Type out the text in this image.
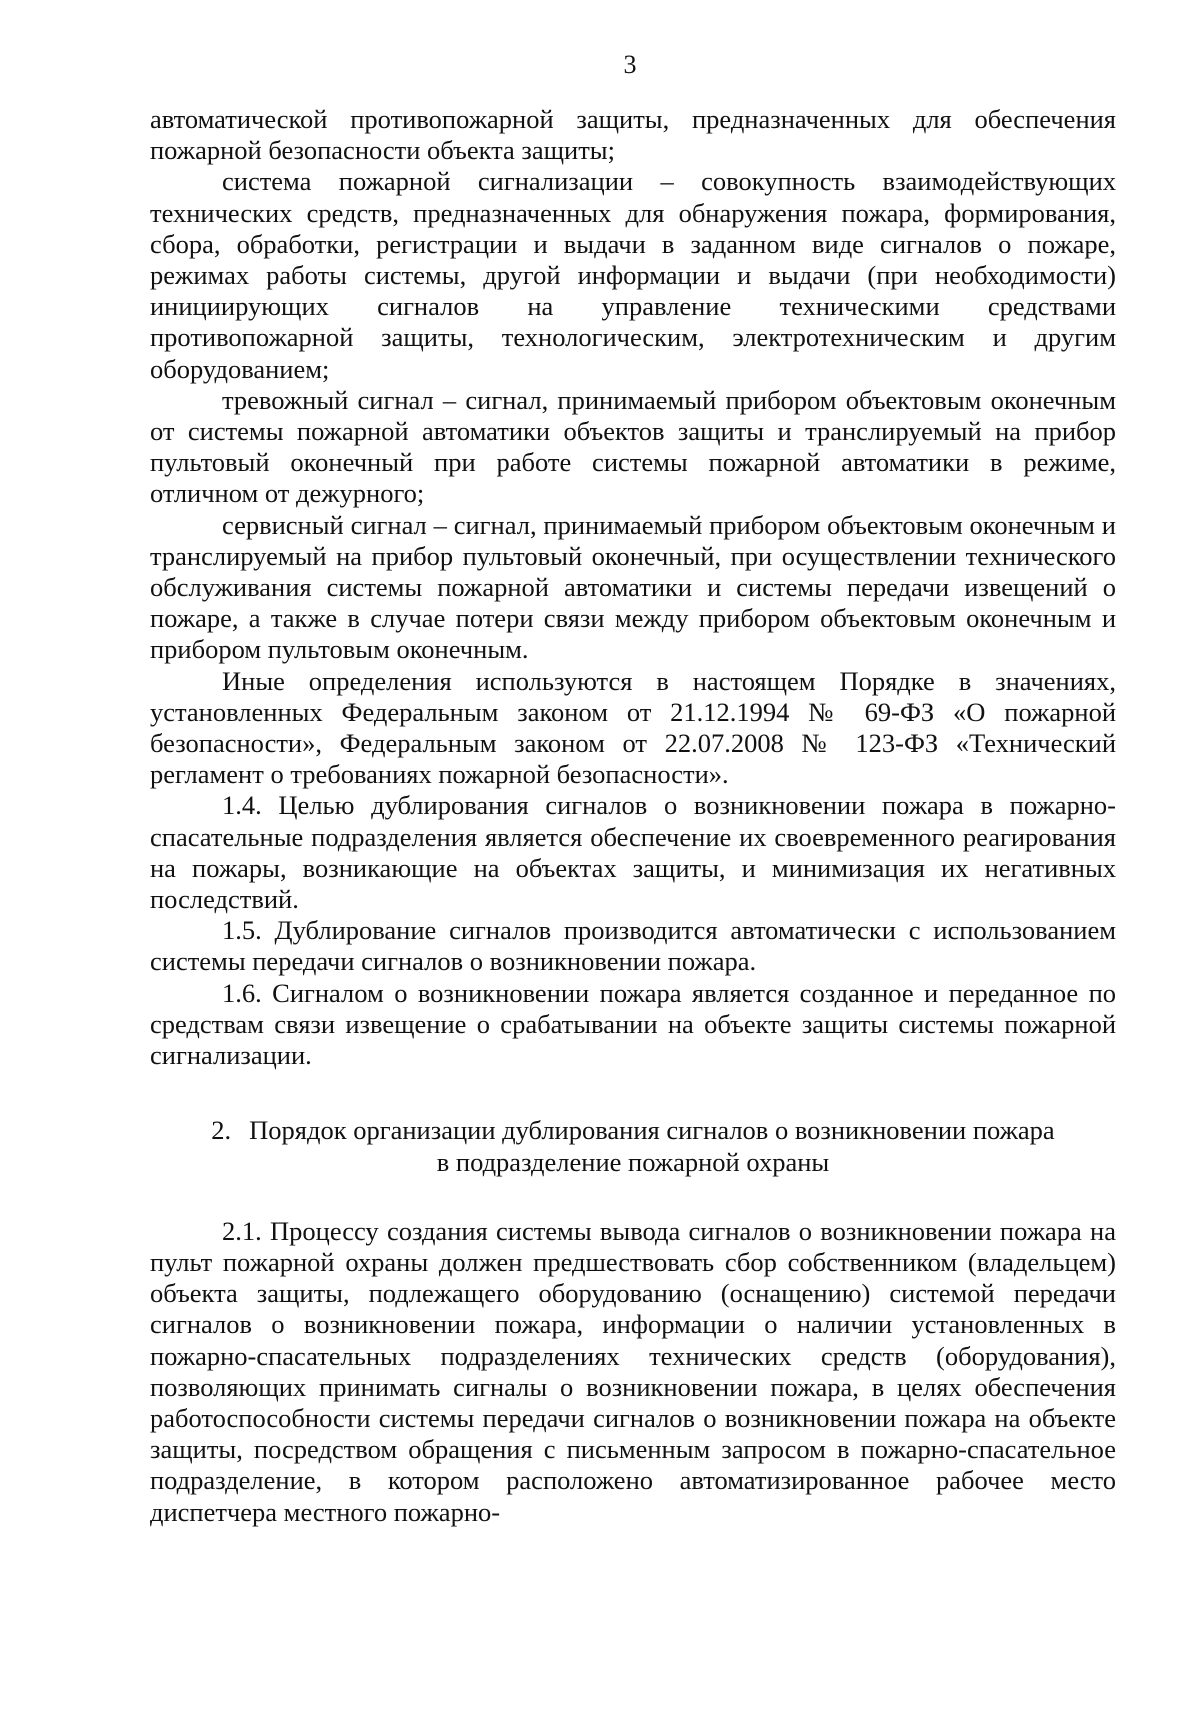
3

автоматической противопожарной защиты, предназначенных для обеспечения пожарной безопасности объекта защиты;

система пожарной сигнализации – совокупность взаимодействующих технических средств, предназначенных для обнаружения пожара, формирования, сбора, обработки, регистрации и выдачи в заданном виде сигналов о пожаре, режимах работы системы, другой информации и выдачи (при необходимости) инициирующих сигналов на управление техническими средствами противопожарной защиты, технологическим, электротехническим и другим оборудованием;

тревожный сигнал – сигнал, принимаемый прибором объектовым оконечным от системы пожарной автоматики объектов защиты и транслируемый на прибор пультовый оконечный при работе системы пожарной автоматики в режиме, отличном от дежурного;

сервисный сигнал – сигнал, принимаемый прибором объектовым оконечным и транслируемый на прибор пультовый оконечный, при осуществлении технического обслуживания системы пожарной автоматики и системы передачи извещений о пожаре, а также в случае потери связи между прибором объектовым оконечным и прибором пультовым оконечным.

Иные определения используются в настоящем Порядке в значениях, установленных Федеральным законом от 21.12.1994 № 69-ФЗ «О пожарной безопасности», Федеральным законом от 22.07.2008 № 123-ФЗ «Технический регламент о требованиях пожарной безопасности».

1.4. Целью дублирования сигналов о возникновении пожара в пожарно-спасательные подразделения является обеспечение их своевременного реагирования на пожары, возникающие на объектах защиты, и минимизация их негативных последствий.

1.5. Дублирование сигналов производится автоматически с использованием системы передачи сигналов о возникновении пожара.

1.6. Сигналом о возникновении пожара является созданное и переданное по средствам связи извещение о срабатывании на объекте защиты системы пожарной сигнализации.

2. Порядок организации дублирования сигналов о возникновении пожара
в подразделение пожарной охраны

2.1. Процессу создания системы вывода сигналов о возникновении пожара на пульт пожарной охраны должен предшествовать сбор собственником (владельцем) объекта защиты, подлежащего оборудованию (оснащению) системой передачи сигналов о возникновении пожара, информации о наличии установленных в пожарно-спасательных подразделениях технических средств (оборудования), позволяющих принимать сигналы о возникновении пожара, в целях обеспечения работоспособности системы передачи сигналов о возникновении пожара на объекте защиты, посредством обращения с письменным запросом в пожарно-спасательное подразделение, в котором расположено автоматизированное рабочее место диспетчера местного пожарно-
